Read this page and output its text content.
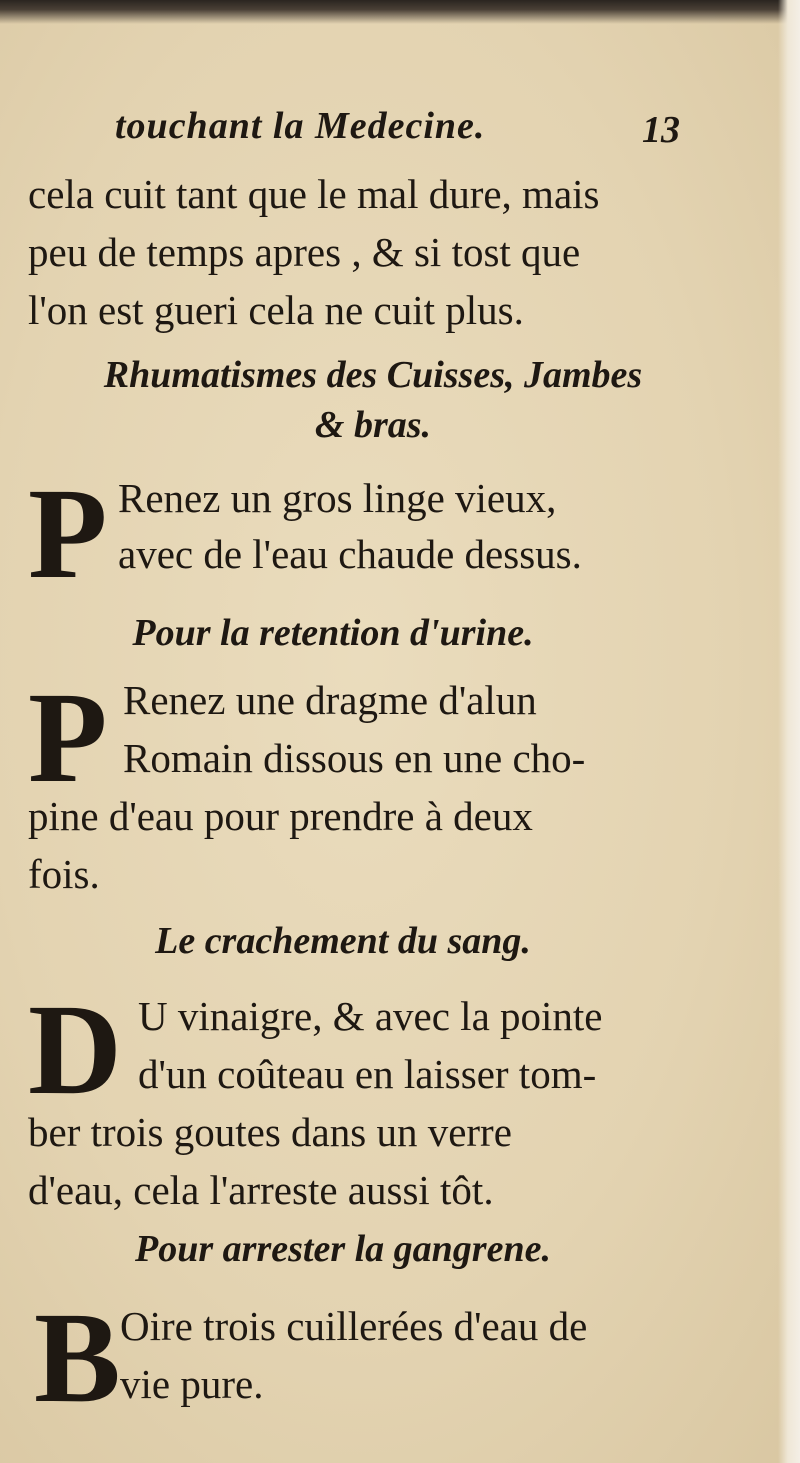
touchant la Medecine.	13
cela cuit tant que le mal dure, mais
peu de temps apres , & si tost que
l'on est gueri cela ne cuit plus.
Rhumatismes des Cuisses, Jambes
& bras.
P Renez un gros linge vieux,
avec de l'eau chaude dessus.
Pour la retention d'urine.
P Renez une dragme d'alun
Romain dissous en une cho-
pine d'eau pour prendre à deux
fois.
Le crachement du sang.
D U vinaigre, & avec la pointe
d'un coûteau en laisser tom-
ber trois goutes dans un verre
d'eau, cela l'arreste aussi tôt.
Pour arrester la gangrene.
B Oire trois cuillerées d'eau de
vie pure.
